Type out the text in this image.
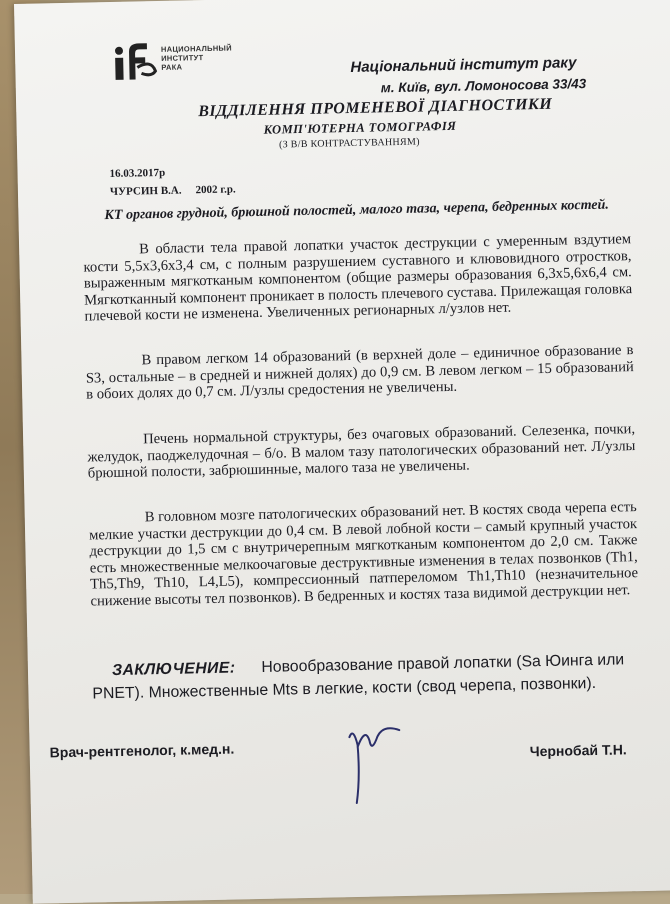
НАЦИОНАЛЬНЫЙ
ИНСТИТУТ
РАКА	Національний інститут раку
м. Київ, вул. Ломоносова 33/43
ВІДДІЛЕННЯ ПРОМЕНЕВОЇ ДІАГНОСТИКИ
КОМП'ЮТЕРНА ТОМОГРАФІЯ
(З В/В КОНТРАСТУВАННЯМ)
16.03.2017р
ЧУРСИН В.А. 2002 г.р.
КТ органов грудной, брюшной полостей, малого таза, черепа, бедренных костей.
В области тела правой лопатки участок деструкции с умеренным вздутием кости 5,5х3,6х3,4 см, с полным разрушением суставного и клювовидного отростков, выраженным мягкотканым компонентом (общие размеры образования 6,3х5,6х6,4 см. Мягкотканный компонент проникает в полость плечевого сустава. Прилежащая головка плечевой кости не изменена. Увеличенных регионарных л/узлов нет.
В правом легком 14 образований (в верхней доле – единичное образование в S3, остальные – в средней и нижней долях) до 0,9 см. В левом легком – 15 образований в обоих долях до 0,7 см. Л/узлы средостения не увеличены.
Печень нормальной структуры, без очаговых образований. Селезенка, почки, желудок, паоджелудочная – б/о. В малом тазу патологических образований нет. Л/узлы брюшной полости, забрюшинные, малого таза не увеличены.
В головном мозге патологических образований нет. В костях свода черепа есть мелкие участки деструкции до 0,4 см. В левой лобной кости – самый крупный участок деструкции до 1,5 см с внутричерепным мягкотканым компонентом до 2,0 см. Также есть множественные мелкоочаговые деструктивные изменения в телах позвонков (Th1, Th5,Th9, Th10, L4,L5), компрессионный патпереломом Th1,Th10 (незначительное снижение высоты тел позвонков). В бедренных и костях таза видимой деструкции нет.
ЗАКЛЮЧЕНИЕ: Новообразование правой лопатки (Sa Юинга или PNET). Множественные Mts в легкие, кости (свод черепа, позвонки).
Врач-рентгенолог, к.мед.н.	Чернобай Т.Н.
